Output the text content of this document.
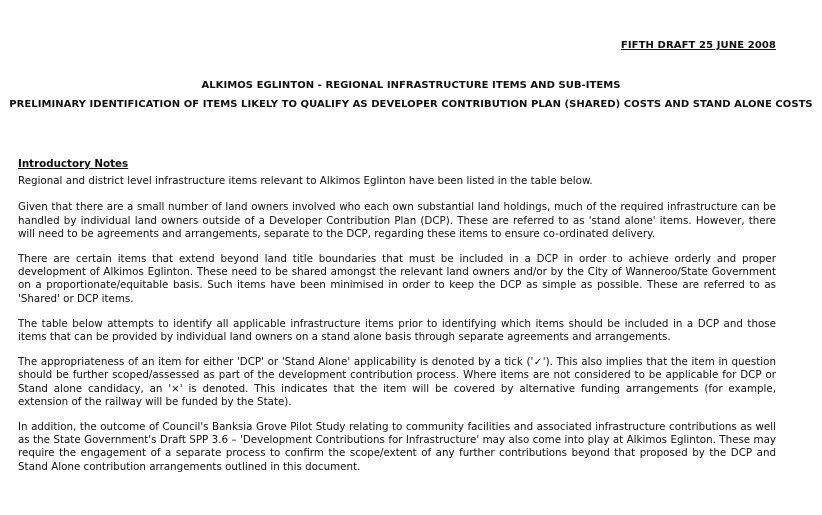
FIFTH DRAFT 25 JUNE 2008
ALKIMOS EGLINTON - REGIONAL INFRASTRUCTURE ITEMS AND SUB-ITEMS
PRELIMINARY IDENTIFICATION OF ITEMS LIKELY TO QUALIFY AS DEVELOPER CONTRIBUTION PLAN (SHARED) COSTS AND STAND ALONE COSTS
Introductory Notes

Regional and district level infrastructure items relevant to Alkimos Eglinton have been listed in the table below.

Given that there are a small number of land owners involved who each own substantial land holdings, much of the required infrastructure can be handled by individual land owners outside of a Developer Contribution Plan (DCP). These are referred to as 'stand alone' items. However, there will need to be agreements and arrangements, separate to the DCP, regarding these items to ensure co-ordinated delivery.

There are certain items that extend beyond land title boundaries that must be included in a DCP in order to achieve orderly and proper development of Alkimos Eglinton. These need to be shared amongst the relevant land owners and/or by the City of Wanneroo/State Government on a proportionate/equitable basis. Such items have been minimised in order to keep the DCP as simple as possible. These are referred to as 'Shared' or DCP items.

The table below attempts to identify all applicable infrastructure items prior to identifying which items should be included in a DCP and those items that can be provided by individual land owners on a stand alone basis through separate agreements and arrangements.

The appropriateness of an item for either 'DCP' or 'Stand Alone' applicability is denoted by a tick ('✓'). This also implies that the item in question should be further scoped/assessed as part of the development contribution process. Where items are not considered to be applicable for DCP or Stand alone candidacy, an '×' is denoted. This indicates that the item will be covered by alternative funding arrangements (for example, extension of the railway will be funded by the State).

In addition, the outcome of Council's Banksia Grove Pilot Study relating to community facilities and associated infrastructure contributions as well as the State Government's Draft SPP 3.6 – 'Development Contributions for Infrastructure' may also come into play at Alkimos Eglinton. These may require the engagement of a separate process to confirm the scope/extent of any further contributions beyond that proposed by the DCP and Stand Alone contribution arrangements outlined in this document.
